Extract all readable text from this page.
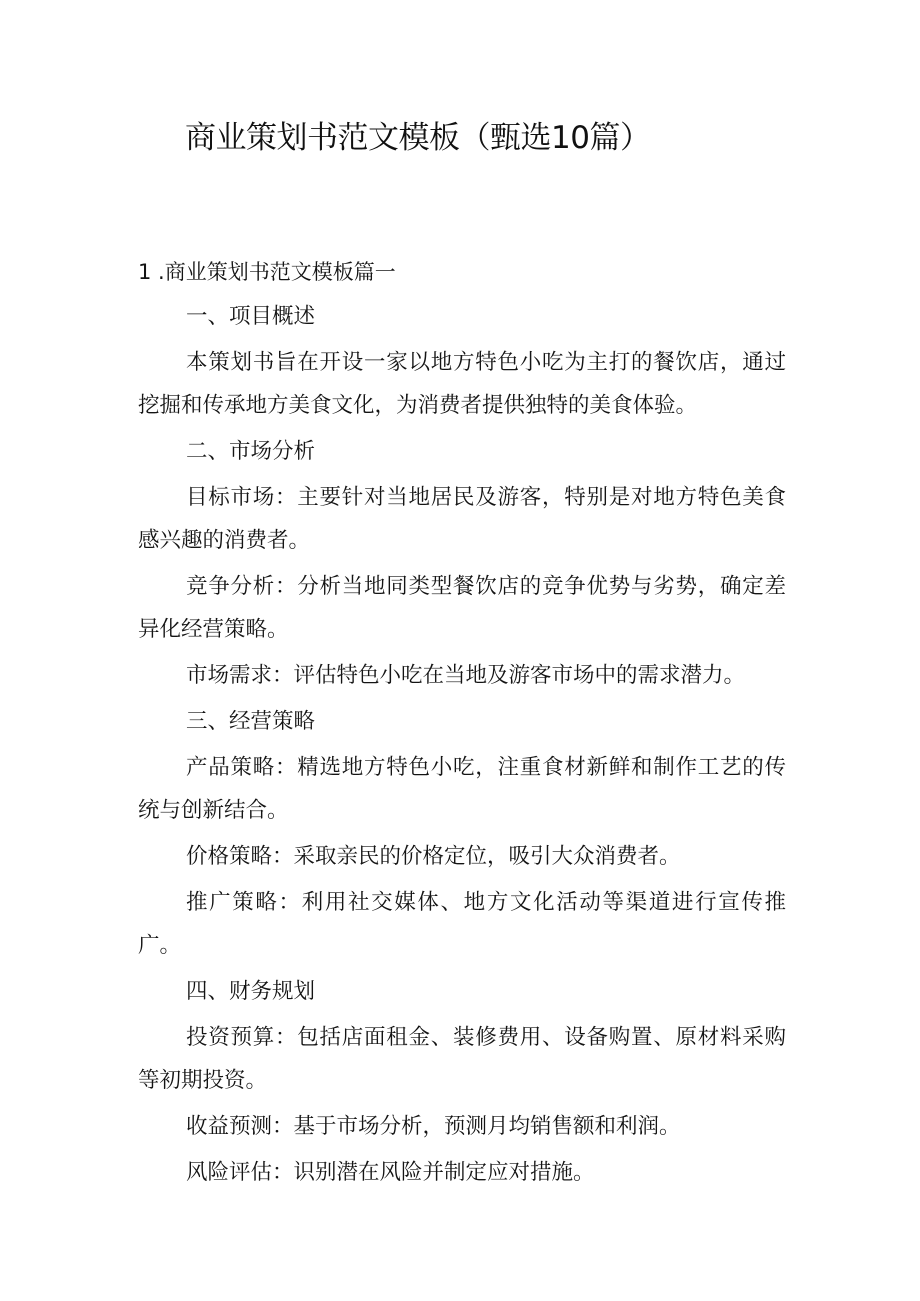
商业策划书范文模板（甄选10篇）
1 .商业策划书范文模板篇一

一、项目概述

本策划书旨在开设一家以地方特色小吃为主打的餐饮店，通过挖掘和传承地方美食文化，为消费者提供独特的美食体验。

二、市场分析

目标市场：主要针对当地居民及游客，特别是对地方特色美食感兴趣的消费者。

竞争分析：分析当地同类型餐饮店的竞争优势与劣势，确定差异化经营策略。

市场需求：评估特色小吃在当地及游客市场中的需求潜力。

三、经营策略

产品策略：精选地方特色小吃，注重食材新鲜和制作工艺的传统与创新结合。

价格策略：采取亲民的价格定位，吸引大众消费者。

推广策略：利用社交媒体、地方文化活动等渠道进行宣传推广。

四、财务规划

投资预算：包括店面租金、装修费用、设备购置、原材料采购等初期投资。

收益预测：基于市场分析，预测月均销售额和利润。

风险评估：识别潜在风险并制定应对措施。
